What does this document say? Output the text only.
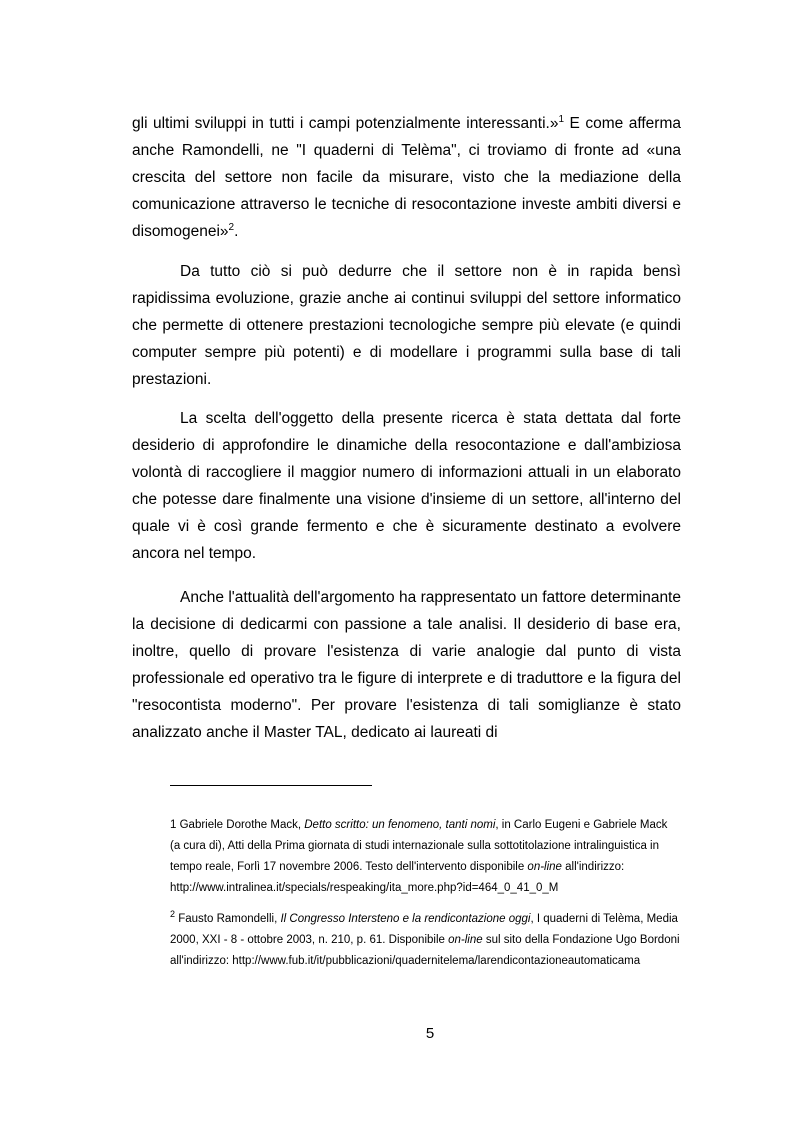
gli ultimi sviluppi in tutti i campi potenzialmente interessanti.»$^1$ E come afferma anche Ramondelli, ne "I quaderni di Telèma", ci troviamo di fronte ad «una crescita del settore non facile da misurare, visto che la mediazione della comunicazione attraverso le tecniche di resocontazione investe ambiti diversi e disomogenei»$^2$.

Da tutto ciò si può dedurre che il settore non è in rapida bensì rapidissima evoluzione, grazie anche ai continui sviluppi del settore informatico che permette di ottenere prestazioni tecnologiche sempre più elevate (e quindi computer sempre più potenti) e di modellare i programmi sulla base di tali prestazioni.

La scelta dell'oggetto della presente ricerca è stata dettata dal forte desiderio di approfondire le dinamiche della resocontazione e dall'ambiziosa volontà di raccogliere il maggior numero di informazioni attuali in un elaborato che potesse dare finalmente una visione d'insieme di un settore, all'interno del quale vi è così grande fermento e che è sicuramente destinato a evolvere ancora nel tempo.

Anche l'attualità dell'argomento ha rappresentato un fattore determinante la decisione di dedicarmi con passione a tale analisi. Il desiderio di base era, inoltre, quello di provare l'esistenza di varie analogie dal punto di vista professionale ed operativo tra le figure di interprete e di traduttore e la figura del "resocontista moderno". Per provare l'esistenza di tali somiglianze è stato analizzato anche il Master TAL, dedicato ai laureati di

1 Gabriele Dorothe Mack, Detto scritto: un fenomeno, tanti nomi, in Carlo Eugeni e Gabriele Mack (a cura di), Atti della Prima giornata di studi internazionale sulla sottotitolazione intralinguistica in tempo reale, Forlì 17 novembre 2006. Testo dell'intervento disponibile on-line all'indirizzo: http://www.intralinea.it/specials/respeaking/ita_more.php?id=464_0_41_0_M

$^2$ Fausto Ramondelli, Il Congresso Intersteno e la rendicontazione oggi, I quaderni di Telèma, Media 2000, XXI - 8 - ottobre 2003, n. 210, p. 61. Disponibile on-line sul sito della Fondazione Ugo Bordoni all'indirizzo: http://www.fub.it/it/pubblicazioni/quadernitelema/larendicontazioneautomaticama

5
